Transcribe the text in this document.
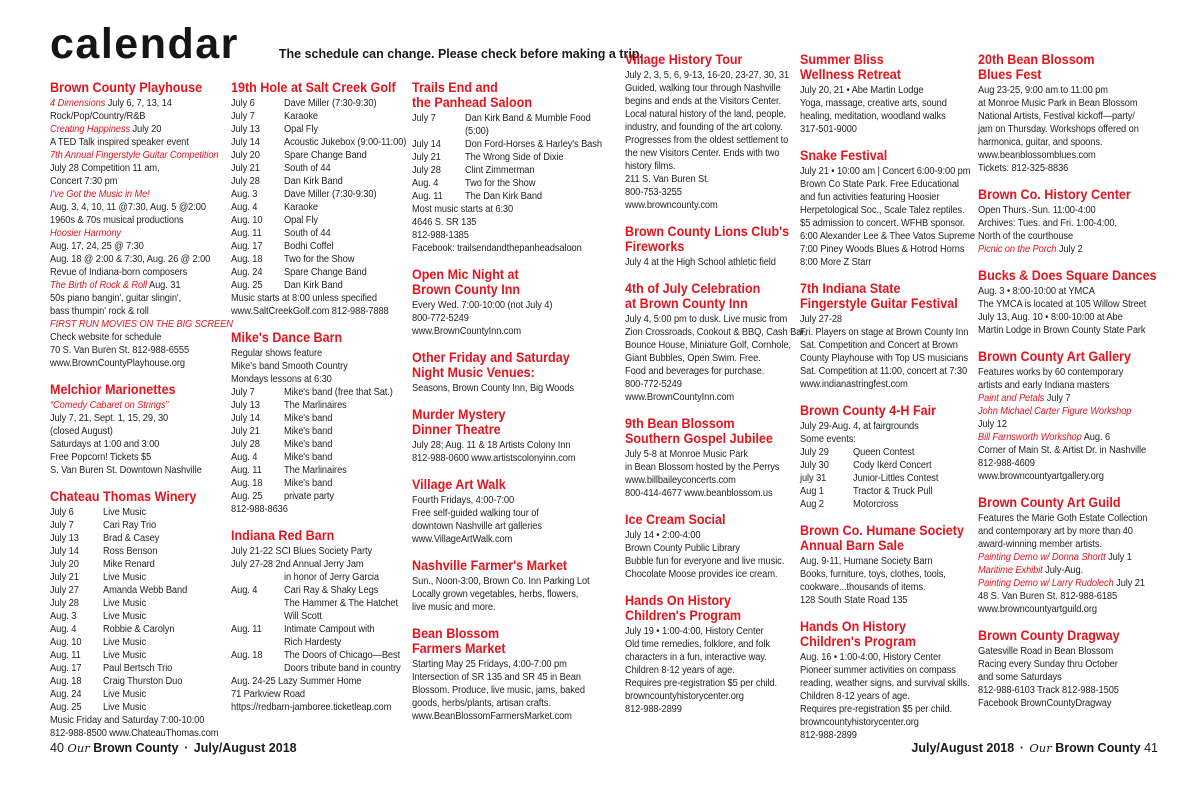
calendar	The schedule can change. Please check before making a trip.
Brown County Playhouse
4 Dimensions July 6, 7, 13, 14
Rock/Pop/Country/R&B
Creating Happiness July 20
A TED Talk inspired speaker event
7th Annual Fingerstyle Guitar Competition
July 28 Competition 11 am,
Concert 7:30 pm
I've Got the Music in Me!
Aug. 3, 4, 10, 11 @7:30, Aug. 5 @2:00
1960s & 70s musical productions
Hoosier Harmony
Aug. 17, 24, 25 @ 7:30
Aug. 18 @ 2:00 & 7:30, Aug. 26 @ 2:00
Revue of Indiana-born composers
The Birth of Rock & Roll Aug. 31
50s piano bangin', guitar slingin',
bass thumpin' rock & roll
FIRST RUN MOVIES ON THE BIG SCREEN
Check website for schedule
70 S. Van Buren St. 812-988-6555
www.BrownCountyPlayhouse.org
Melchior Marionettes
“Comedy Cabaret on Strings”
July 7, 21, Sept. 1, 15, 29, 30
(closed August)
Saturdays at 1:00 and 3:00
Free Popcorn! Tickets $5
S. Van Buren St. Downtown Nashville
Chateau Thomas Winery
July 6	Live Music
July 7	Cari Ray Trio
July 13	Brad & Casey
July 14	Ross Benson
July 20	Mike Renard
July 21	Live Music
July 27	Amanda Webb Band
July 28	Live Music
Aug. 3	Live Music
Aug. 4	Robbie & Carolyn
Aug. 10	Live Music
Aug. 11	Live Music
Aug. 17	Paul Bertsch Trio
Aug. 18	Craig Thurston Duo
Aug. 24	Live Music
Aug. 25	Live Music
Music Friday and Saturday 7:00-10:00
812-988-8500 www.ChateauThomas.com
19th Hole at Salt Creek Golf
July 6	Dave Miller (7:30-9:30)
July 7	Karaoke
July 13	Opal Fly
July 14	Acoustic Jukebox (9:00-11:00)
July 20	Spare Change Band
July 21	South of 44
July 28	Dan Kirk Band
Aug. 3	Dave Miller (7:30-9:30)
Aug. 4	Karaoke
Aug. 10	Opal Fly
Aug. 11	South of 44
Aug. 17	Bodhi Coffel
Aug. 18	Two for the Show
Aug. 24	Spare Change Band
Aug. 25	Dan Kirk Band
Music starts at 8:00 unless specified
www.SaltCreekGolf.com 812-988-7888
Mike's Dance Barn
Regular shows feature
Mike's band Smooth Country
Mondays lessons at 6:30
July 7	Mike's band (free that Sat.)
July 13	The Marlinaires
July 14	Mike's band
July 21	Mike's band
July 28	Mike's band
Aug. 4	Mike's band
Aug. 11	The Marlinaires
Aug. 18	Mike's band
Aug. 25	private party
812-988-8636
Indiana Red Barn
July 21-22 SCI Blues Society Party
July 27-28 2nd Annual Jerry Jam
in honor of Jerry Garcia
Aug. 4	Cari Ray & Shaky Legs
The Hammer & The Hatchet
Will Scott
Aug. 11	Intimate Campout with
Rich Hardesty
Aug. 18	The Doors of Chicago—Best
Doors tribute band in country
Aug. 24-25 Lazy Summer Home
71 Parkview Road
https://redbarn-jamboree.ticketleap.com
Trails End and
the Panhead Saloon
July 7	Dan Kirk Band & Mumble Food
(5:00)
July 14	Don Ford-Horses & Harley's Bash
July 21	The Wrong Side of Dixie
July 28	Clint Zimmerman
Aug. 4	Two for the Show
Aug. 11	The Dan Kirk Band
Most music starts at 6:30
4646 S. SR 135
812-988-1385
Facebook: trailsendandthepanheadsaloon
Open Mic Night at
Brown County Inn
Every Wed. 7:00-10:00 (not July 4)
800-772-5249
www.BrownCountyInn.com
Other Friday and Saturday
Night Music Venues:
Seasons, Brown County Inn, Big Woods
Murder Mystery
Dinner Theatre
July 28; Aug. 11 & 18 Artists Colony Inn
812-988-0600 www.artistscolonyinn.com
Village Art Walk
Fourth Fridays, 4:00-7:00
Free self-guided walking tour of
downtown Nashville art galleries
www.VillageArtWalk.com
Nashville Farmer's Market
Sun., Noon-3:00, Brown Co. Inn Parking Lot
Locally grown vegetables, herbs, flowers,
live music and more.
Bean Blossom
Farmers Market
Starting May 25 Fridays, 4:00-7:00 pm
Intersection of SR 135 and SR 45 in Bean
Blossom. Produce, live music, jams, baked
goods, herbs/plants, artisan crafts.
www.BeanBlossomFarmersMarket.com
Village History Tour
July 2, 3, 5, 6, 9-13, 16-20, 23-27, 30, 31
Guided, walking tour through Nashville
begins and ends at the Visitors Center.
Local natural history of the land, people,
industry, and founding of the art colony.
Progresses from the oldest settlement to
the new Visitors Center. Ends with two
history films.
211 S. Van Buren St.
800-753-3255
www.browncounty.com
Brown County Lions Club's
Fireworks
July 4 at the High School athletic field
4th of July Celebration
at Brown County Inn
July 4, 5:00 pm to dusk. Live music from
Zion Crossroads, Cookout & BBQ, Cash Bar,
Bounce House, Miniature Golf, Cornhole,
Giant Bubbles, Open Swim. Free.
Food and beverages for purchase.
800-772-5249
www.BrownCountyInn.com
9th Bean Blossom
Southern Gospel Jubilee
July 5-8 at Monroe Music Park
in Bean Blossom hosted by the Perrys
www.billbaileyconcerts.com
800-414-4677 www.beanblossom.us
Ice Cream Social
July 14 • 2:00-4:00
Brown County Public Library
Bubble fun for everyone and live music.
Chocolate Moose provides ice cream.
Hands On History
Children's Program
July 19 • 1:00-4:00, History Center
Old time remedies, folklore, and folk
characters in a fun, interactive way.
Children 8-12 years of age.
Requires pre-registration $5 per child.
browncountyhistorycenter.org
812-988-2899
Summer Bliss
Wellness Retreat
July 20, 21 • Abe Martin Lodge
Yoga, massage, creative arts, sound
healing, meditation, woodland walks
317-501-9000
Snake Festival
July 21 • 10:00 am | Concert 6:00-9:00 pm
Brown Co State Park. Free Educational
and fun activities featuring Hoosier
Herpetological Soc., Scale Talez reptiles.
$5 admission to concert. WFHB sponsor.
6:00 Alexander Lee & Thee Vatos Supreme
7:00 Piney Woods Blues & Hotrod Horns
8:00 More Z Starr
7th Indiana State
Fingerstyle Guitar Festival
July 27-28
Fri. Players on stage at Brown County Inn
Sat. Competition and Concert at Brown
County Playhouse with Top US musicians
Sat. Competition at 11:00, concert at 7:30
www.indianastringfest.com
Brown County 4-H Fair
July 29-Aug. 4, at fairgrounds
Some events:
July 29	Queen Contest
July 30	Cody Ikerd Concert
july 31	Junior-Littles Contest
Aug 1	Tractor & Truck Pull
Aug 2	Motorcross
Brown Co. Humane Society
Annual Barn Sale
Aug. 9-11, Humane Society Barn
Books, furniture, toys, clothes, tools,
cookware...thousands of items.
128 South State Road 135
Hands On History
Children's Program
Aug. 16 • 1:00-4:00, History Center
Pioneer summer activities on compass
reading, weather signs, and survival skills.
Children 8-12 years of age.
Requires pre-registration $5 per child.
browncountyhistorycenter.org
812-988-2899
20th Bean Blossom
Blues Fest
Aug 23-25, 9:00 am to 11:00 pm
at Monroe Music Park in Bean Blossom
National Artists, Festival kickoff—party/
jam on Thursday. Workshops offered on
harmonica, guitar, and spoons.
www.beanblossomblues.com
Tickets: 812-325-8836
Brown Co. History Center
Open Thurs.-Sun. 11:00-4:00
Archives: Tues. and Fri. 1:00-4:00,
North of the courthouse
Picnic on the Porch July 2
Bucks & Does Square Dances
Aug. 3 • 8:00-10:00 at YMCA
The YMCA is located at 105 Willow Street
July 13, Aug. 10 • 8:00-10:00 at Abe
Martin Lodge in Brown County State Park
Brown County Art Gallery
Features works by 60 contemporary
artists and early Indiana masters
Paint and Petals July 7
John Michael Carter Figure Workshop
July 12
Bill Farnsworth Workshop Aug. 6
Corner of Main St. & Artist Dr. in Nashville
812-988-4609
www.browncountyartgallery.org
Brown County Art Guild
Features the Marie Goth Estate Collection
and contemporary art by more than 40
award-winning member artists.
Painting Demo w/ Donna Shortt July 1
Maritime Exhibit July-Aug.
Painting Demo w/ Larry Rudolech July 21
48 S. Van Buren St. 812-988-6185
www.browncountyartguild.org
Brown County Dragway
Gatesville Road in Bean Blossom
Racing every Sunday thru October
and some Saturdays
812-988-6103 Track 812-988-1505
Facebook BrownCountyDragway
40 Our Brown County · July/August 2018	July/August 2018 · Our Brown County 41
